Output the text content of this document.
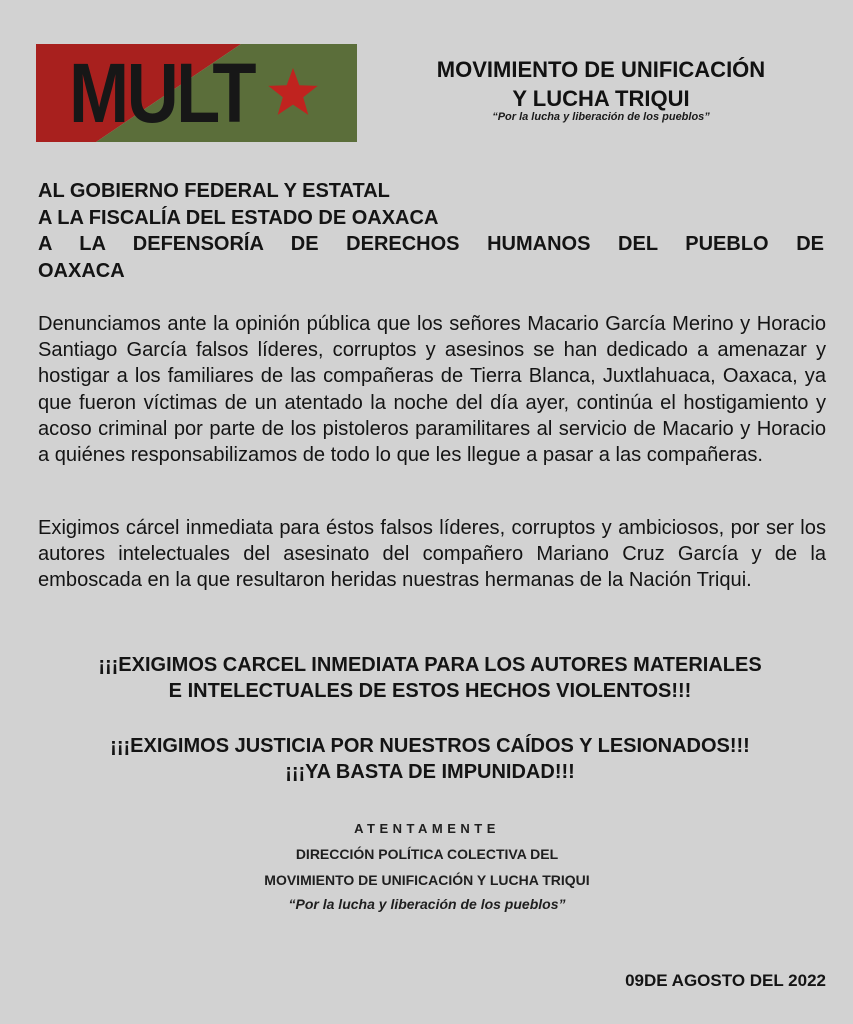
MULT	MOVIMIENTO DE UNIFICACIÓN
Y LUCHA TRIQUI
“Por la lucha y liberación de los pueblos”
AL GOBIERNO FEDERAL Y ESTATAL
A LA FISCALÍA DEL ESTADO DE OAXACA
A LA DEFENSORÍA DE DERECHOS HUMANOS DEL PUEBLO DE
OAXACA
Denunciamos ante la opinión pública que los señores Macario García Merino y Horacio Santiago García falsos líderes, corruptos y asesinos se han dedicado a amenazar y hostigar a los familiares de las compañeras de Tierra Blanca, Juxtlahuaca, Oaxaca, ya que fueron víctimas de un atentado la noche del día ayer, continúa el hostigamiento y acoso criminal por parte de los pistoleros paramilitares al servicio de Macario y Horacio a quiénes responsabilizamos de todo lo que les llegue a pasar a las compañeras.
Exigimos cárcel inmediata para éstos falsos líderes, corruptos y ambiciosos, por ser los autores intelectuales del asesinato del compañero Mariano Cruz García y de la emboscada en la que resultaron heridas nuestras hermanas de la Nación Triqui.
¡¡¡EXIGIMOS CARCEL INMEDIATA PARA LOS AUTORES MATERIALES
E INTELECTUALES DE ESTOS HECHOS VIOLENTOS!!!
¡¡¡EXIGIMOS JUSTICIA POR NUESTROS CAÍDOS Y LESIONADOS!!!
¡¡¡YA BASTA DE IMPUNIDAD!!!
ATENTAMENTE
DIRECCIÓN POLÍTICA COLECTIVA DEL
MOVIMIENTO DE UNIFICACIÓN Y LUCHA TRIQUI
“Por la lucha y liberación de los pueblos”
09DE AGOSTO DEL 2022
